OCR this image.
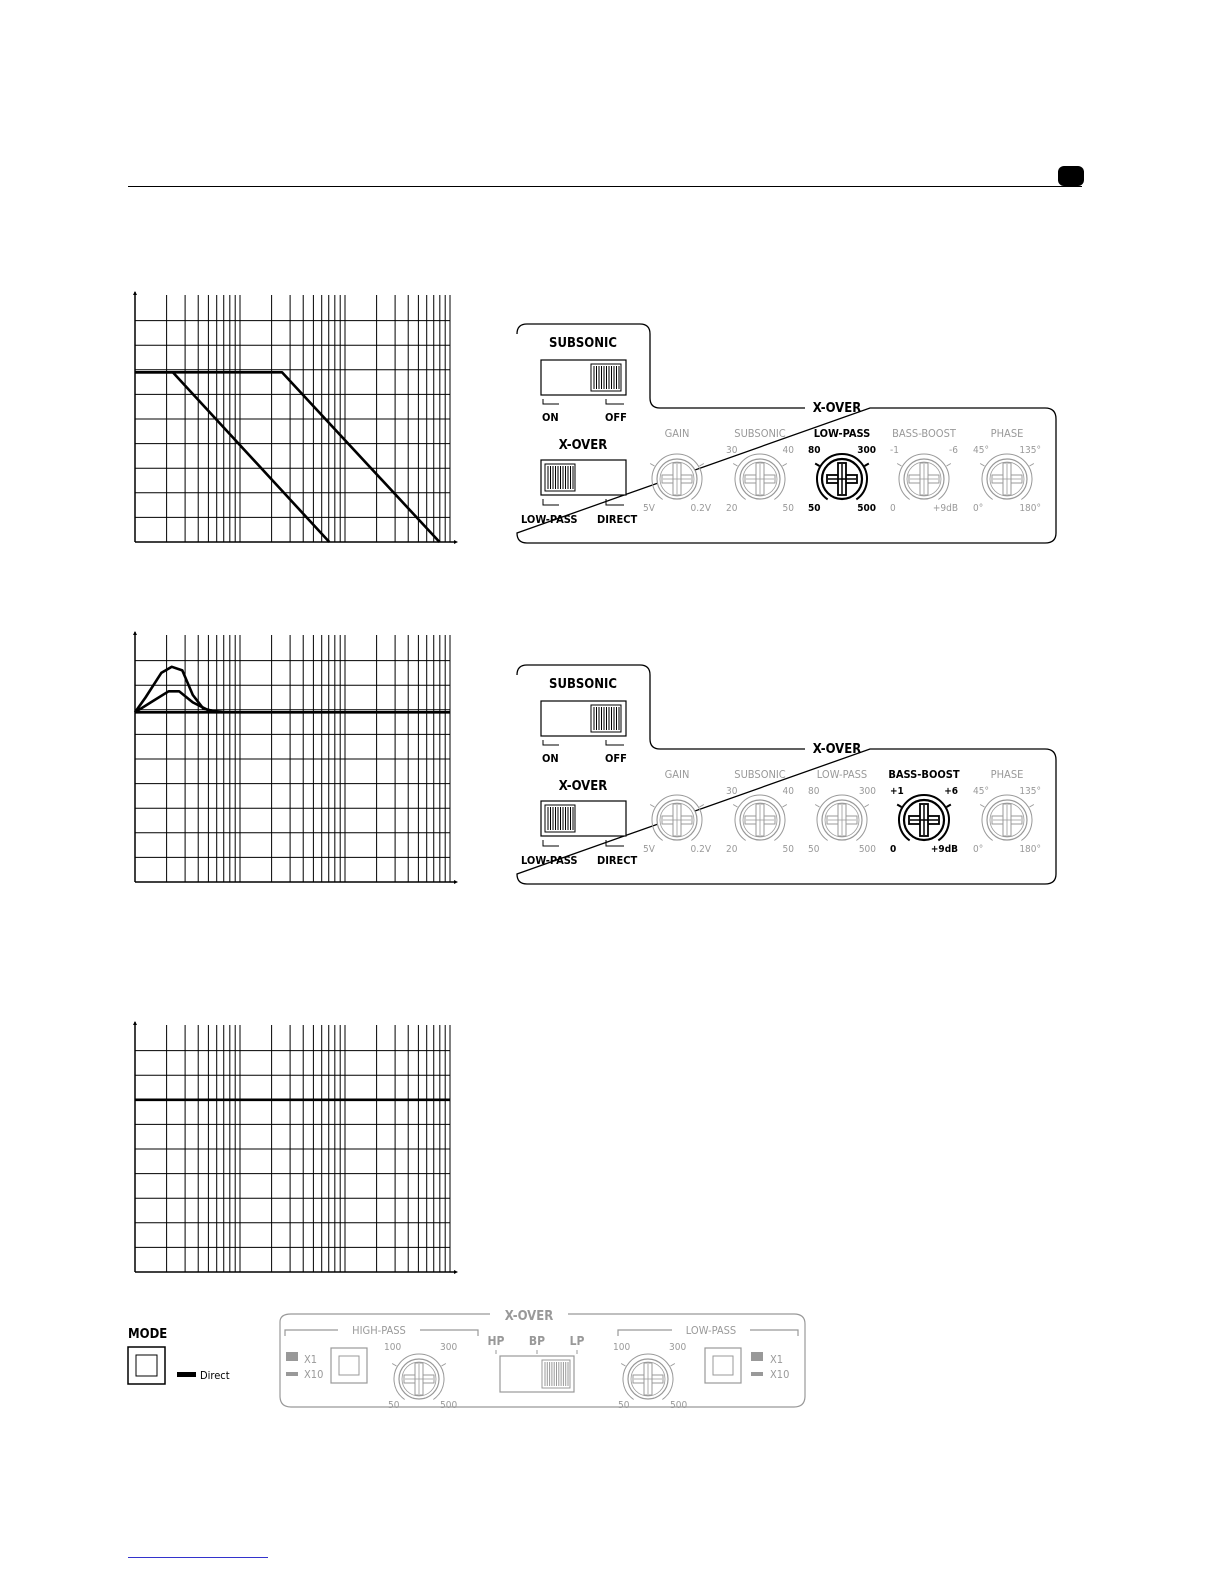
SUBSONIC
X-OVER
X-OVER
ON	OFF
LOW-PASS DIRECT
GAIN
5V	0.2V
SUBSONIC
30	40
20	50
LOW-PASS
80	300
50	500
BASS-BOOST
-1	-6
0	+9dB
PHASE
45°	135°
0°	180°
SUBSONIC
X-OVER
X-OVER
ON	OFF
LOW-PASS DIRECT
GAIN
5V	0.2V
SUBSONIC
30	40
20	50
LOW-PASS
80	300
50	500
BASS-BOOST
+1	+6
0	+9dB
PHASE
45°	135°
0°	180°
MODE
Direct
X-OVER
HIGH-PASS	LOW-PASS
X1
X10
100	300
50	500
HP BP LP	100	300
50	500
X1
X10
